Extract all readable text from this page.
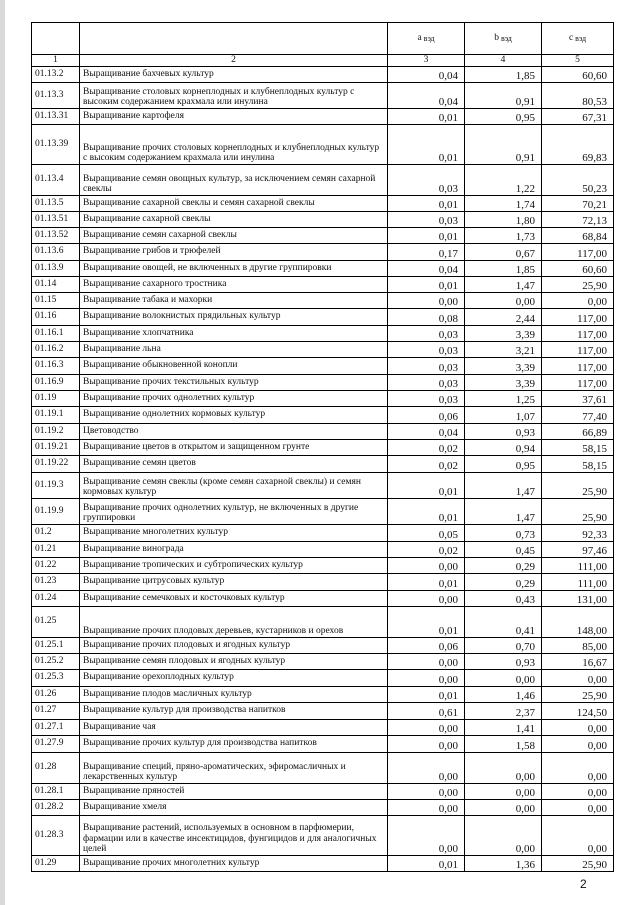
		a $_{вэд}$	b $_{вэд}$	c $_{вэд}$
1	2	3	4	5
01.13.2	Выращивание бахчевых культур	0,04	1,85	60,60
01.13.3	Выращивание столовых корнеплодных и клубнеплодных культур с высоким содержанием крахмала или инулина	0,04	0,91	80,53
01.13.31	Выращивание картофеля	0,01	0,95	67,31
01.13.39	Выращивание прочих столовых корнеплодных и клубнеплодных культур с высоким содержанием крахмала или инулина	0,01	0,91	69,83
01.13.4	Выращивание семян овощных культур, за исключением семян сахарной свеклы	0,03	1,22	50,23
01.13.5	Выращивание сахарной свеклы и семян сахарной свеклы	0,01	1,74	70,21
01.13.51	Выращивание сахарной свеклы	0,03	1,80	72,13
01.13.52	Выращивание семян сахарной свеклы	0,01	1,73	68,84
01.13.6	Выращивание грибов и трюфелей	0,17	0,67	117,00
01.13.9	Выращивание овощей, не включенных в другие группировки	0,04	1,85	60,60
01.14	Выращивание сахарного тростника	0,01	1,47	25,90
01.15	Выращивание табака и махорки	0,00	0,00	0,00
01.16	Выращивание волокнистых прядильных культур	0,08	2,44	117,00
01.16.1	Выращивание хлопчатника	0,03	3,39	117,00
01.16.2	Выращивание льна	0,03	3,21	117,00
01.16.3	Выращивание обыкновенной конопли	0,03	3,39	117,00
01.16.9	Выращивание прочих текстильных культур	0,03	3,39	117,00
01.19	Выращивание прочих однолетних культур	0,03	1,25	37,61
01.19.1	Выращивание однолетних кормовых культур	0,06	1,07	77,40
01.19.2	Цветоводство	0,04	0,93	66,89
01.19.21	Выращивание цветов в открытом и защищенном грунте	0,02	0,94	58,15
01.19.22	Выращивание семян цветов	0,02	0,95	58,15
01.19.3	Выращивание семян свеклы (кроме семян сахарной свеклы) и семян кормовых культур	0,01	1,47	25,90
01.19.9	Выращивание прочих однолетних культур, не включенных в другие группировки	0,01	1,47	25,90
01.2	Выращивание многолетних культур	0,05	0,73	92,33
01.21	Выращивание винограда	0,02	0,45	97,46
01.22	Выращивание тропических и субтропических культур	0,00	0,29	111,00
01.23	Выращивание цитрусовых культур	0,01	0,29	111,00
01.24	Выращивание семечковых и косточковых культур	0,00	0,43	131,00
01.25	Выращивание прочих плодовых деревьев, кустарников и орехов	0,01	0,41	148,00
01.25.1	Выращивание прочих плодовых и ягодных культур	0,06	0,70	85,00
01.25.2	Выращивание семян плодовых и ягодных культур	0,00	0,93	16,67
01.25.3	Выращивание орехоплодных культур	0,00	0,00	0,00
01.26	Выращивание плодов масличных культур	0,01	1,46	25,90
01.27	Выращивание культур для производства напитков	0,61	2,37	124,50
01.27.1	Выращивание чая	0,00	1,41	0,00
01.27.9	Выращивание прочих культур для производства напитков	0,00	1,58	0,00
01.28	Выращивание специй, пряно-ароматических, эфиромасличных и лекарственных культур	0,00	0,00	0,00
01.28.1	Выращивание пряностей	0,00	0,00	0,00
01.28.2	Выращивание хмеля	0,00	0,00	0,00
01.28.3	Выращивание растений, используемых в основном в парфюмерии, фармации или в качестве инсектицидов, фунгицидов и для аналогичных целей	0,00	0,00	0,00
01.29	Выращивание прочих многолетних культур	0,01	1,36	25,90
2
